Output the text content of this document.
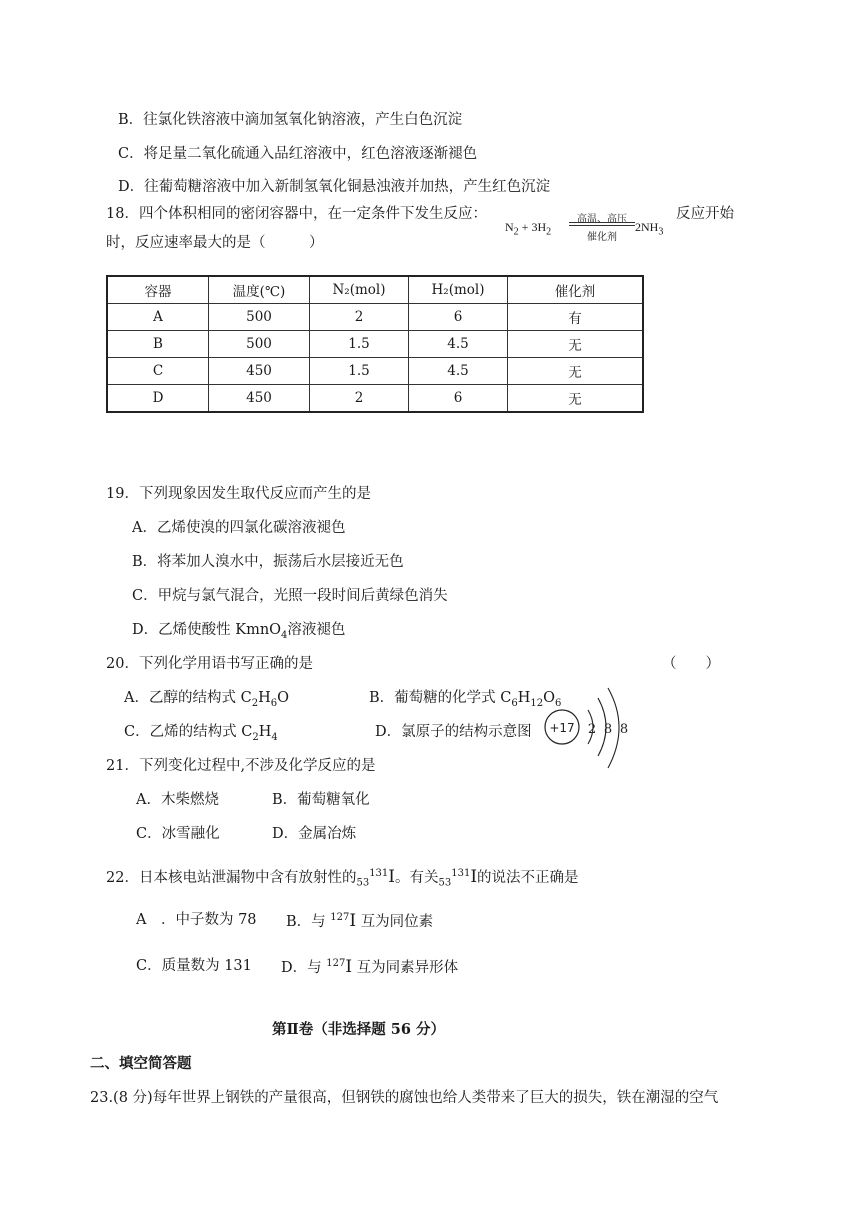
B．往氯化铁溶液中滴加氢氧化钠溶液，产生白色沉淀
C．将足量二氧化硫通入品红溶液中，红色溶液逐渐褪色
D．往葡萄糖溶液中加入新制氢氧化铜悬浊液并加热，产生红色沉淀
18．四个体积相同的密闭容器中，在一定条件下发生反应：
$N_2 + 3H_2$
高温、高压
催化剂
$2NH_3$
反应开始
时，反应速率最大的是（　　　）
容器	温度(℃)	N₂(mol)	H₂(mol)	催化剂
A	500	2	6	有
B	500	1.5	4.5	无
C	450	1.5	4.5	无
D	450	2	6	无
19．下列现象因发生取代反应而产生的是
A．乙烯使溴的四氯化碳溶液褪色
B．将苯加人溴水中，振荡后水层接近无色
C．甲烷与氯气混合，光照一段时间后黄绿色消失
D．乙烯使酸性 KmnO$_4$溶液褪色
20．下列化学用语书写正确的是	（　　）
A．乙醇的结构式 $C_2H_6O$	B．葡萄糖的化学式 $C_6H_{12}O_6$
C．乙烯的结构式 $C_2H_4$	D．氯原子的结构示意图 +17 2 8 8
21．下列变化过程中,不涉及化学反应的是
A．木柴燃烧	B．葡萄糖氧化
C．冰雪融化	D．金属冶炼
22．日本核电站泄漏物中含有放射性的$_{53}^{131}$I。有关$_{53}^{131}$I的说法不正确是
A　．中子数为 78 B．与 $^{127}$I 互为同位素
C．质量数为 131 D．与 $^{127}$I 互为同素异形体
第Ⅱ卷（非选择题 56 分）
二、填空简答题
23.(8 分)每年世界上钢铁的产量很高，但钢铁的腐蚀也给人类带来了巨大的损失，铁在潮湿的空气
